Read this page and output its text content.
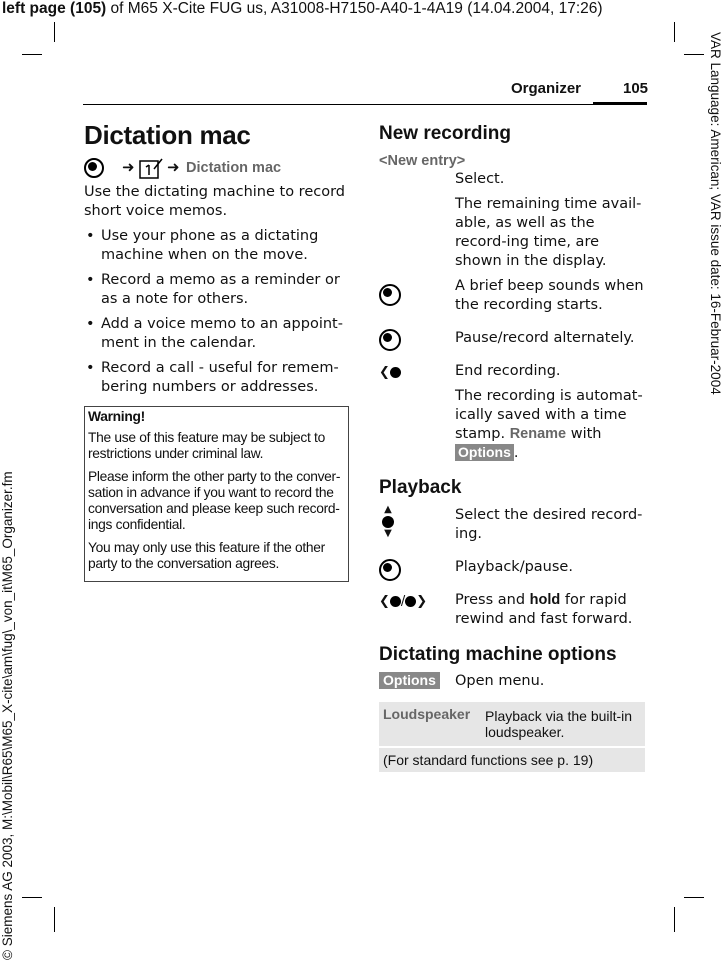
left page (105) of M65 X-Cite FUG us, A31008-H7150-A40-1-4A19 (14.04.2004, 17:26)
VAR Language: American; VAR issue date: 16-Februar-2004
© Siemens AG 2003, M:\Mobil\R65\M65_X-cite\am\fug\_von_it\M65_Organizer.fm
Organizer	105
Dictation mac
➜ ➜ Dictation mac
Use the dictating machine to record short voice memos.
• Use your phone as a dictating machine when on the move.
• Record a memo as a reminder or as a note for others.
• Add a voice memo to an appoint-ment in the calendar.
• Record a call - useful for remem-bering numbers or addresses.

Warning!

The use of this feature may be subject to restrictions under criminal law.

Please inform the other party to the conver-sation in advance if you want to record the conversation and please keep such record-ings confidential.

You may only use this feature if the other party to the conversation agrees.

New recording
<New entry>
Select.
The remaining time avail-able, as well as the record-ing time, are shown in the display.
A brief beep sounds when the recording starts.
Pause/record alternately.
❮	End recording.
The recording is automat-ically saved with a time stamp. Rename with
Options .
Playback
▲
▼
Select the desired record-ing.
Playback/pause.
❮ / ❯ Press and hold for rapid rewind and fast forward.
Dictating machine options
Options Open menu.
Loudspeaker Playback via the built-in loudspeaker.
(For standard functions see p. 19)
